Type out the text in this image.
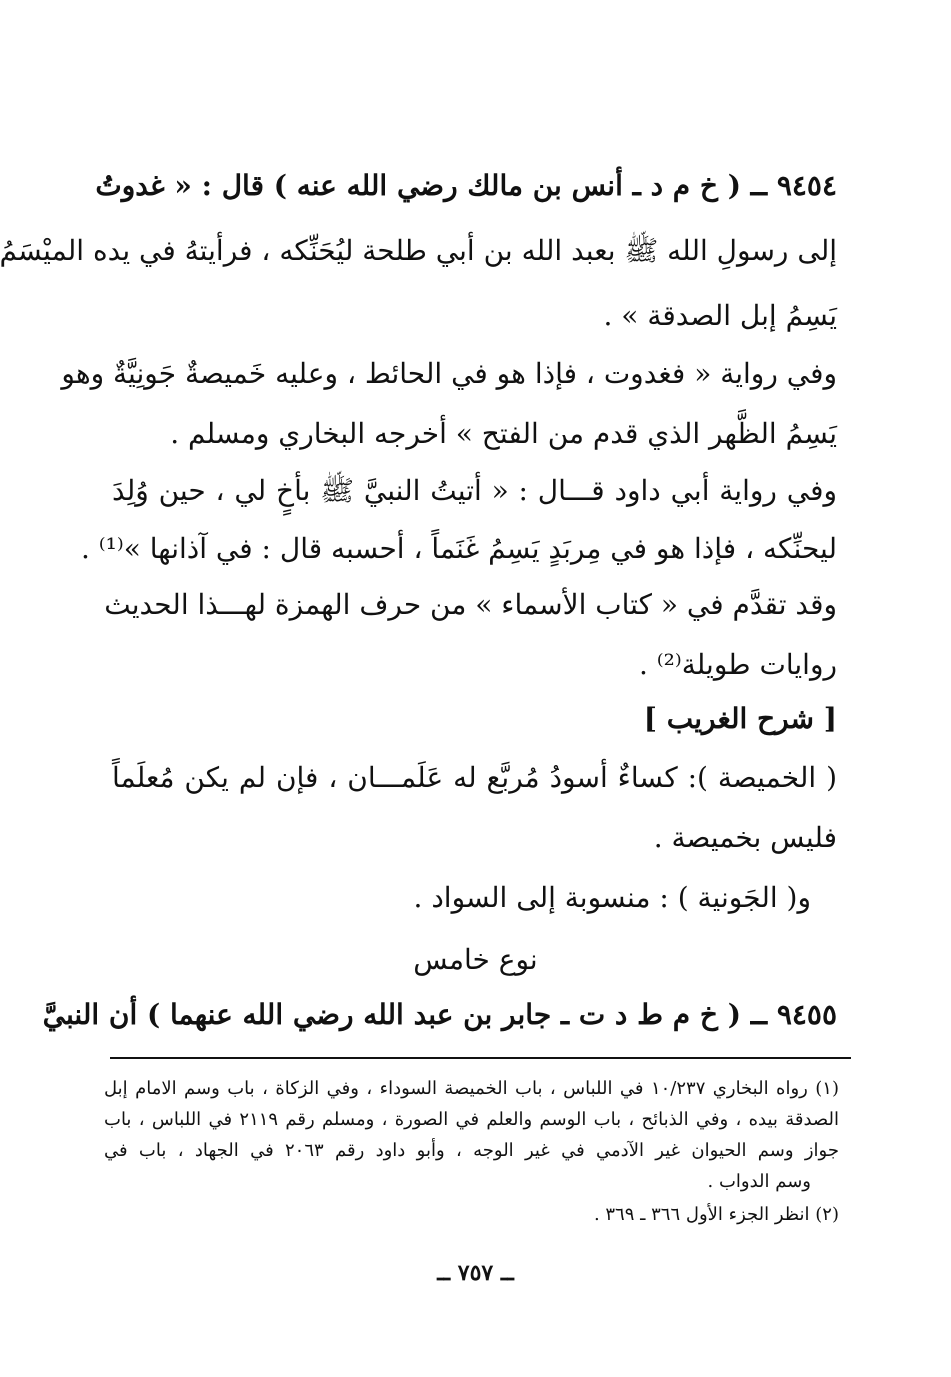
٩٤٥٤ ــ ( خ م د ـ أنس بن مالك رضي الله عنه ) قال : « غدوتُ
إلى رسولِ الله ﷺ بعبد الله بن أبي طلحة ليُحَنِّكه ، فرأيتهُ في يده الميْسَمُ
يَسِمُ إبل الصدقة » .
وفي رواية « فغدوت ، فإذا هو في الحائط ، وعليه خَميصةٌ جَونِيَّةٌ وهو
يَسِمُ الظَّهر الذي قدم من الفتح » أخرجه البخاري ومسلم .
وفي رواية أبي داود قـــال : « أتيتُ النبيَّ ﷺ بأخٍ لي ، حين وُلِدَ
ليحنِّكه ، فإذا هو في مِربَدٍ يَسِمُ غَنَماً ، أحسبه قال : في آذانها »⁽¹⁾ .
وقد تقدَّم في « كتاب الأسماء » من حرف الهمزة لهـــذا الحديث
روايات طويلة⁽²⁾ .
[ شرح الغريب ]
( الخميصة ): كساءٌ أسودُ مُربَّع له عَلَمـــان ، فإن لم يكن مُعلَماً
فليس بخميصة .
و( الجَونية ) : منسوبة إلى السواد .
نوع خامس
٩٤٥٥ ــ ( خ م ط د ت ـ جابر بن عبد الله رضي الله عنهما ) أن النبيَّ
(١) رواه البخاري ١٠/٢٣٧ في اللباس ، باب الخميصة السوداء ، وفي الزكاة ، باب وسم الامام إبل
الصدقة بيده ، وفي الذبائح ، باب الوسم والعلم في الصورة ، ومسلم رقم ٢١١٩ في اللباس ، باب
جواز وسم الحيوان غير الآدمي في غير الوجه ، وأبو داود رقم ٢٠٦٣ في الجهاد ، باب في
وسم الدواب .
(٢) انظر الجزء الأول ٣٦٦ ـ ٣٦٩ .
ــ ٧٥٧ ــ
